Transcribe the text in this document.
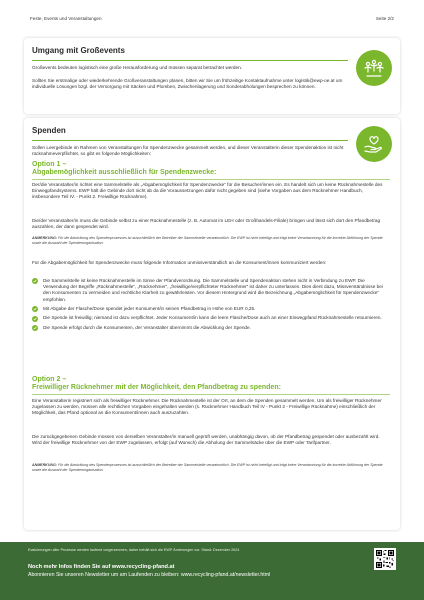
Feste, Events und Veranstaltungen	Seite 2/2
Umgang mit Großevents
Großevents bedeuten logistisch eine große Herausforderung und müssen separat betrachtet werden.
Sollten Sie erstmalige oder wiederkehrende Großveranstaltungen planen, bitten wir Sie um frühzeitige Kontaktaufnahme unter logistik@ewp-oe.at um individuelle Lösungen bzgl. der Versorgung mit Säcken und Plomben, Zwischenlagerung und Sonderabholungen besprechen zu können.
Spenden
Sollen Leergebinde im Rahmen von Veranstaltungen für Spendenzwecke gesammelt werden, und dieser Veranstalterin dieser Spendenaktion ist nicht rücknahmeverpflichtet, so gibt es folgende Möglichkeiten:
Option 1 –
Abgabemöglichkeit ausschließlich für Spendenzwecke:
Der/die Veranstalter/in richtet eine Sammelstelle als „Abgabemöglichkeit für Spendenzwecke“ für die Besucher/innen ein. Es handelt sich um keine Rücknahmestelle des Einwegpfandsystems. EWP hält die Gebinde dort nicht ab da die Voraussetzungen dafür nicht gegeben sind (siehe Vorgaben aus dem Rücknehmer Handbuch, insbesondere Teil IV. - Punkt 2. Freiwillige Rücknahme).
Die/der Veranstalter/in muss die Gebinde selbst zu einer Rücknahmestelle (z. B. Automat im LEH oder Großhandels-Filiale) bringen und lässt sich dort den Pfandbetrag auszahlen, der dann gespendet wird.
ANMERKUNG: Für die Abwicklung des Spendenprozesses ist ausschließlich der Betreiber der Sammelstelle verantwortlich. Die EWP ist nicht beteiligt und trägt keine Verantwortung für die korrekte Abführung der Spende sowie die Auswahl der Spendenorganisation.
Für die Abgabemöglichkeit für Spendenzwecke muss folgende Information unmissverständlich an die Konsument/innen kommuniziert werden:
Die Sammelstelle ist keine Rücknahmestelle im Sinne der Pfandverordnung. Die Sammelstelle und Spendenaktion stehen nicht in Verbindung zu EWP. Die Verwendung der Begriffe „Rücknahmestelle“, „Rücknehmer“, „freiwillige/verpflichteter Rücknehmer“ ist daher zu unterlassen. Dies dient dazu, Missverständnisse bei den Konsumenten zu vermeiden und rechtliche Klarheit zu gewährleisten. Vor diesem Hintergrund wird die Bezeichnung „Abgabemöglichkeit für Spendenzwecke“ empfohlen.
Mit Abgabe der Flasche/Dose spendet jeder Konsument/in seinen Pfandbetrag in Höhe von EUR 0,25.
Die Spende ist freiwillig; niemand ist dazu verpflichtet. Jeder Konsument/in kann die leere Flasche/Dose auch an einer Einwegpfand Rücknahmestelle retournieren.
Die Spende erfolgt durch die Konsumenten, der Veranstalter übernimmt die Abwicklung der Spende.
Option 2 –
Freiwilliger Rücknehmer mit der Möglichkeit, den Pfandbetrag zu spenden:
Eine Veranstalterin registriert sich als freiwilliger Rücknehmer. Die Rücknahmestelle ist der Ort, an dem die Spenden gesammelt werden. Um als freiwilliger Rücknehmer zugelassen zu werden, müssen alle rechtlichen Vorgaben eingehalten werden (s. Rücknehmer Handbuch Teil IV - Punkt 2 - Freiwillige Rücknahme) einschließlich der Möglichkeit, das Pfand optional an die Konsument/innen auch auszuzahlen.
Die zurückgegebenen Gebinde müssen von derselben Veranstalter/in manuell geprüft werden, unabhängig davon, ob der Pfandbetrag gespendet oder ausbezahlt wird. Wird der freiwillige Rücknehmer von der EWP zugelassen, erfolgt (auf Wunsch) die Abholung der Sammelsäcke über die EWP oder Tarifpartner.
ANMERKUNG: Für die Abwicklung des Spendenprozesses ist ausschließlich der Betreiber der Sammelstelle verantwortlich. Die EWP ist nicht beteiligt und trägt keine Verantwortung für die korrekte Abführung der Spende sowie die Auswahl der Spendenorganisation.
Evaluierungen aller Prozesse werden laufend vorgenommen, daher behält sich die EWP Änderungen vor. Stand: Dezember 2024
Noch mehr Infos finden Sie auf www.recycling-pfand.at
Abonnieren Sie unseren Newsletter um am Laufenden zu bleiben: www.recycling-pfand.at/newsletter.html
